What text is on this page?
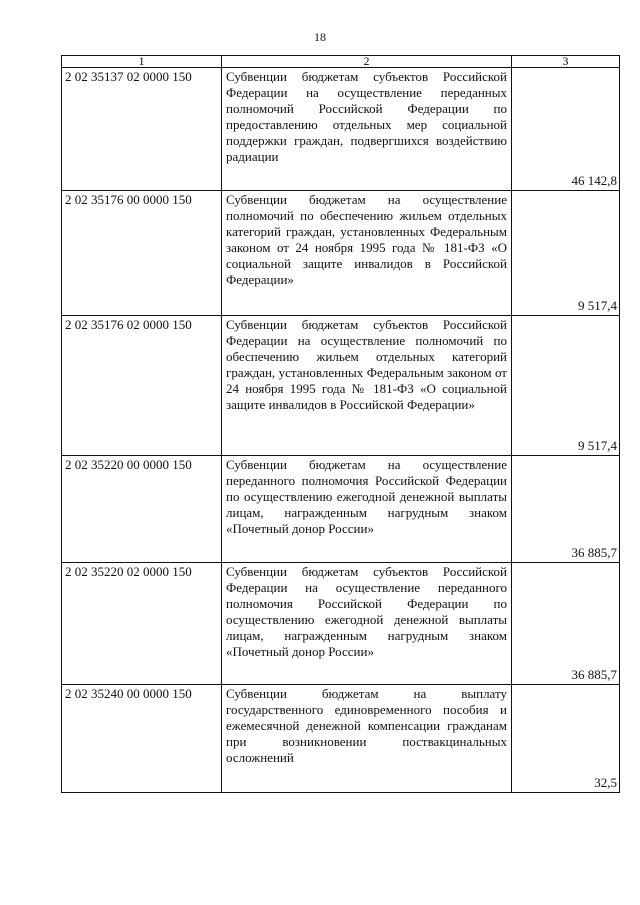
18
1	2	3
2 02 35137 02 0000 150	Субвенции бюджетам субъектов Российской Федерации на осуществление переданных полномочий Российской Федерации по предоставлению отдельных мер социальной поддержки граждан, подвергшихся воздействию радиации	46 142,8
2 02 35176 00 0000 150	Субвенции бюджетам на осуществление полномочий по обеспечению жильем отдельных категорий граждан, установленных Федеральным законом от 24 ноября 1995 года № 181-ФЗ «О социальной защите инвалидов в Российской Федерации»	9 517,4
2 02 35176 02 0000 150	Субвенции бюджетам субъектов Российской Федерации на осуществление полномочий по обеспечению жильем отдельных категорий граждан, установленных Федеральным законом от 24 ноября 1995 года № 181-ФЗ «О социальной защите инвалидов в Российской Федерации»	9 517,4
2 02 35220 00 0000 150	Субвенции бюджетам на осуществление переданного полномочия Российской Федерации по осуществлению ежегодной денежной выплаты лицам, награжденным нагрудным знаком «Почетный донор России»	36 885,7
2 02 35220 02 0000 150	Субвенции бюджетам субъектов Российской Федерации на осуществление переданного полномочия Российской Федерации по осуществлению ежегодной денежной выплаты лицам, награжденным нагрудным знаком «Почетный донор России»	36 885,7
2 02 35240 00 0000 150	Субвенции бюджетам на выплату государственного единовременного пособия и ежемесячной денежной компенсации гражданам при возникновении поствакцинальных осложнений	32,5
